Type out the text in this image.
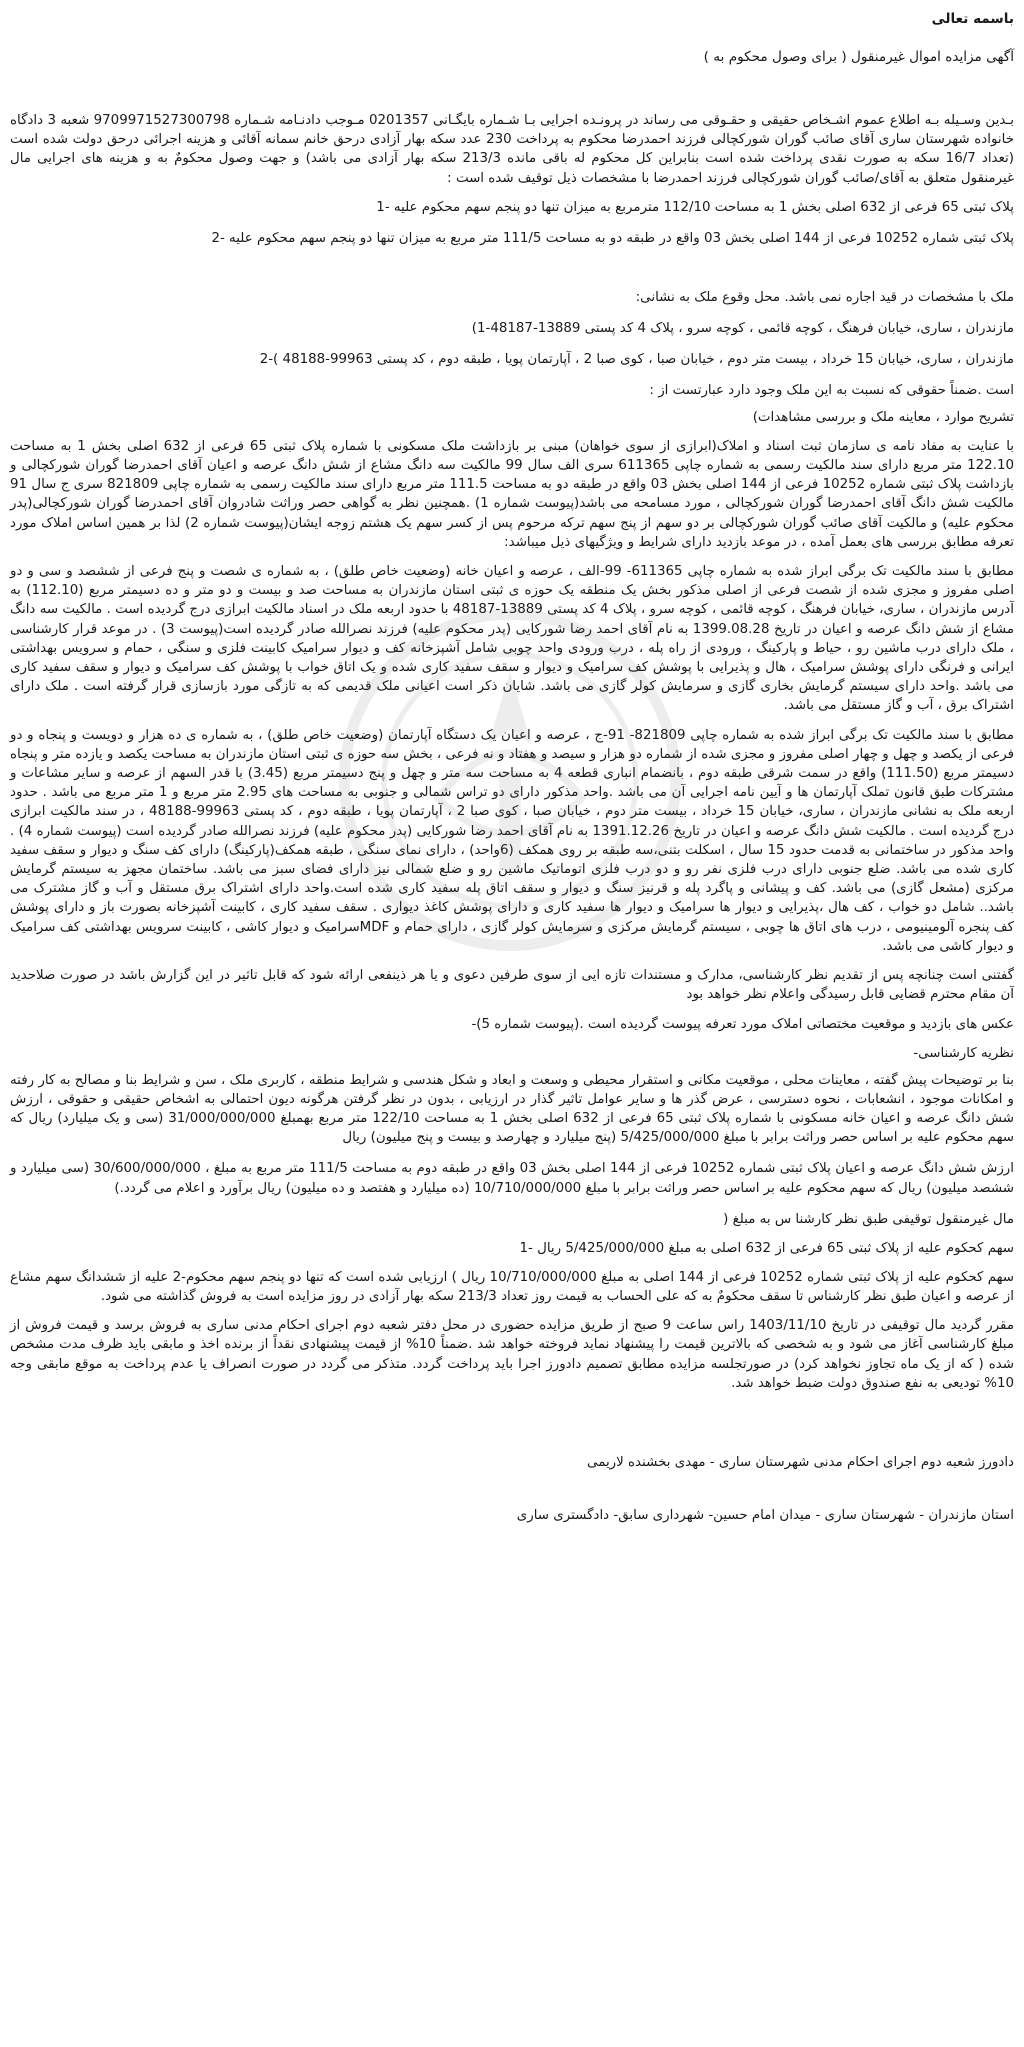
باسمه تعالی

آگهی مزایده اموال غیرمنقول ( برای وصول محکوم به )

بـدین وسـیله بـه اطلاع عموم اشـخاص حقیقی و حقـوقی می رساند در پرونـده اجرایی بـا شـماره بایگـانی 0201357 مـوجب دادنـامه شـماره 9709971527300798 شعبه 3 دادگاه خانواده شهرستان ساری آقای صائب گوران شورکچالی فرزند احمدرضا محکوم به پرداخت 230 عدد سکه بهار آزادی درحق خانم سمانه آقائی و هزینه اجرائی درحق دولت شده است (تعداد 16/7 سکه به صورت نقدی پرداخت شده است بنابراین کل محکوم له باقی مانده 213/3 سکه بهار آزادی می باشد) و جهت وصول محکومٌ به و هزینه های اجرایی مال غیرمنقول متعلق به آقای/صائب گوران شورکچالی فرزند احمدرضا با مشخصات ذیل توقیف شده است :

پلاک ثبتی 65 فرعی از 632 اصلی بخش 1 به مساحت 112/10 مترمربع به میزان تنها دو پنجم سهم محکوم علیه -1

پلاک ثبتی شماره 10252 فرعی از 144 اصلی بخش 03 واقع در طبقه دو به مساحت 111/5 متر مربع به میزان تنها دو پنجم سهم محکوم علیه -2

ملک با مشخصات در قید اجاره نمی باشد. محل وقوع ملک به نشانی:

مازندران ، ساری، خیابان فرهنگ ، کوچه قائمی ، کوچه سرو ، پلاک 4 کد پستی 13889-48187-1)

مازندران ، ساری، خیابان 15 خرداد ، بیست متر دوم ، خیابان صبا ، کوی صبا 2 ، آپارتمان پویا ، طبقه دوم ، کد پستی 99963-48188 )-2

است .ضمناً حقوقی که نسبت به این ملک وجود دارد عبارتست از :

تشریح موارد ، معاینه ملک و بررسی مشاهدات)

با عنایت به مفاد نامه ی سازمان ثبت اسناد و املاک(ابرازی از سوی خواهان) مبنی بر بازداشت ملک مسکونی با شماره پلاک ثبتی 65 فرعی از 632 اصلی بخش 1 به مساحت 122.10 متر مربع دارای سند مالکیت رسمی به شماره چاپی 611365 سری الف سال 99 مالکیت سه دانگ مشاع از شش دانگ عرصه و اعیان آقای احمدرضا گوران شورکچالی و بازداشت پلاک ثبتی شماره 10252 فرعی از 144 اصلی بخش 03 واقع در طبقه دو به مساحت 111.5 متر مربع دارای سند مالکیت رسمی به شماره چاپی 821809 سری ج سال 91 مالکیت شش دانگ آقای احمدرضا گوران شورکچالی ، مورد مسامحه می باشد(پیوست شماره 1) .همچنین نظر به گواهی حصر وراثت شادروان آقای احمدرضا گوران شورکچالی(پدر محکوم علیه) و مالکیت آقای صائب گوران شورکچالی بر دو سهم از پنج سهم ترکه مرحوم پس از کسر سهم یک هشتم زوجه ایشان(پیوست شماره 2) لذا بر همین اساس املاک مورد تعرفه مطابق بررسی های بعمل آمده ، در موعد بازدید دارای شرایط و ویژگیهای ذیل میباشد:

مطابق با سند مالکیت تک برگی ابراز شده به شماره چاپی 611365- 99-الف ، عرصه و اعیان خانه (وضعیت خاص طلق) ، به شماره ی شصت و پنج فرعی از ششصد و سی و دو اصلی مفروز و مجزی شده از شصت فرعی از اصلی مذکور بخش یک منطقه یک حوزه ی ثبتی استان مازندران به مساحت صد و بیست و دو متر و ده دسیمتر مربع (112.10) به آدرس مازندران ، ساری، خیابان فرهنگ ، کوچه قائمی ، کوچه سرو ، پلاک 4 کد پستی 13889-48187 با حدود اربعه ملک در اسناد مالکیت ابرازی درج گردیده است . مالکیت سه دانگ مشاع از شش دانگ عرصه و اعیان در تاریخ 1399.08.28 به نام آقای احمد رضا شورکایی (پدر محکوم علیه) فرزند نصرالله صادر گردیده است(پیوست 3) . در موعد قرار کارشناسی ، ملک دارای درب ماشین رو ، حیاط و پارکینگ ، ورودی از راه پله ، درب ورودی واحد چوبی شامل آشپزخانه کف و دیوار سرامیک کابینت فلزی و سنگی ، حمام و سرویس بهداشتی ایرانی و فرنگی دارای پوشش سرامیک ، هال و پذیرایی با پوشش کف سرامیک و دیوار و سقف سفید کاری شده و یک اتاق خواب با پوشش کف سرامیک و دیوار و سقف سفید کاری می باشد .واحد دارای سیستم گرمایش بخاری گازی و سرمایش کولر گازی می باشد. شایان ذکر است اعیانی ملک قدیمی که به تازگی مورد بازسازی قرار گرفته است . ملک دارای اشتراک برق ، آب و گاز مستقل می باشد.

مطابق با سند مالکیت تک برگی ابراز شده به شماره چاپی 821809- 91-ج ، عرصه و اعیان یک دستگاه آپارتمان (وضعیت خاص طلق) ، به شماره ی ده هزار و دویست و پنجاه و دو فرعی از یکصد و چهل و چهار اصلی مفروز و مجزی شده از شماره دو هزار و سیصد و هفتاد و نه فرعی ، بخش سه حوزه ی ثبتی استان مازندران به مساحت یکصد و یازده متر و پنجاه دسیمتر مربع (111.50) واقع در سمت شرقی طبقه دوم ، بانضمام انباری قطعه 4 به مساحت سه متر و چهل و پنج دسیمتر مربع (3.45) با قدر السهم از عرصه و سایر مشاعات و مشترکات طبق قانون تملک آپارتمان ها و آیین نامه اجرایی آن می باشد .واحد مذکور دارای دو تراس شمالی و جنوبی به مساحت های 2.95 متر مربع و 1 متر مربع می باشد . حدود اربعه ملک به نشانی مازندران ، ساری، خیابان 15 خرداد ، بیست متر دوم ، خیابان صبا ، کوی صبا 2 ، آپارتمان پویا ، طبقه دوم ، کد پستی 99963-48188 ، در سند مالکیت ابرازی درج گردیده است . مالکیت شش دانگ عرصه و اعیان در تاریخ 1391.12.26 به نام آقای احمد رضا شورکایی (پدر محکوم علیه) فرزند نصرالله صادر گردیده است (پیوست شماره 4) . واحد مذکور در ساختمانی به قدمت حدود 15 سال ، اسکلت بتنی،سه طبقه بر روی همکف (6واحد) ، دارای نمای سنگی ، طبقه همکف(پارکینگ) دارای کف سنگ و دیوار و سقف سفید کاری شده می باشد. ضلع جنوبی دارای درب فلزی نفر رو و دو درب فلزی اتوماتیک ماشین رو و ضلع شمالی نیز دارای فضای سبز می باشد. ساختمان مجهز به سیستم گرمایش مرکزی (مشعل گازی) می باشد. کف و پیشانی و پاگرد پله و قرنیز سنگ و دیوار و سقف اتاق پله سفید کاری شده است.واحد دارای اشتراک برق مستقل و آب و گاز مشترک می باشد.. شامل دو خواب ، کف هال ،پذیرایی و دیوار ها سرامیک و دیوار ها سفید کاری و دارای پوشش کاغذ دیواری . سقف سفید کاری ، کابینت آشپزخانه بصورت باز و دارای پوشش کف پنجره آلومینیومی ، درب های اتاق ها چوبی ، سیستم گرمایش مرکزی و سرمایش کولر گازی ، دارای حمام و MDFسرامیک و دیوار کاشی ، کابینت سرویس بهداشتی کف سرامیک و دیوار کاشی می باشد.

گفتنی است چنانچه پس از تقدیم نظر کارشناسی، مدارک و مستندات تازه ایی از سوی طرفین دعوی و یا هر ذینفعی ارائه شود که قابل تاثیر در این گزارش باشد در صورت صلاحدید آن مقام محترم قضایی قابل رسیدگی واعلام نظر خواهد بود

عکس های بازدید و موقعیت مختصاتی املاک مورد تعرفه پیوست گردیده است .(پیوست شماره 5)-

نظریه کارشناسی-

بنا بر توضیحات پیش گفته ، معاینات محلی ، موقعیت مکانی و استقرار محیطی و وسعت و ابعاد و شکل هندسی و شرایط منطقه ، کاربری ملک ، سن و شرایط بنا و مصالح به کار رفته و امکانات موجود ، انشعابات ، نحوه دسترسی ، عرض گذر ها و سایر عوامل تاثیر گذار در ارزیابی ، بدون در نظر گرفتن هرگونه دیون احتمالی به اشخاص حقیقی و حقوقی ، ارزش شش دانگ عرصه و اعیان خانه مسکونی با شماره پلاک ثبتی 65 فرعی از 632 اصلی بخش 1 به مساحت 122/10 متر مربع بهمبلغ 31/000/000/000 (سی و یک میلیارد) ریال که سهم محکوم علیه بر اساس حصر وراثت برابر با مبلغ 5/425/000/000 (پنج میلیارد و چهارصد و بیست و پنج میلیون) ریال

ارزش شش دانگ عرصه و اعیان پلاک ثبتی شماره 10252 فرعی از 144 اصلی بخش 03 واقع در طبقه دوم به مساحت 111/5 متر مربع به مبلغ ، 30/600/000/000 (سی میلیارد و ششصد میلیون) ریال که سهم محکوم علیه بر اساس حصر وراثت برابر با مبلغ 10/710/000/000 (ده میلیارد و هفتصد و ده میلیون) ریال برآورد و اعلام می گردد.)

مال غیرمنقول توقیفی طبق نظر کارشنا س به مبلغ (

سهم کحکوم علیه از پلاک ثبتی 65 فرعی از 632 اصلی به مبلغ 5/425/000/000 ریال -1

سهم کحکوم علیه از پلاک ثبتی شماره 10252 فرعی از 144 اصلی به مبلغ 10/710/000/000 ریال ) ارزیابی شده است که تنها دو پنجم سهم محکوم-2 علیه از ششدانگ سهم مشاع از عرصه و اعیان طبق نظر کارشناس تا سقف محکومٌ به که علی الحساب به قیمت روز تعداد 213/3 سکه بهار آزادی در روز مزایده است به فروش گذاشته می شود.

مقرر گردید مال توقیفی در تاریخ 1403/11/10 راس ساعت 9 صبح از طریق مزایده حضوری در محل دفتر شعبه دوم اجرای احکام مدنی ساری به فروش برسد و قیمت فروش از مبلغ کارشناسی آغاز می شود و به شخصی که بالاترین قیمت را پیشنهاد نماید فروخته خواهد شد .ضمناً 10% از قیمت پیشنهادی نقداً از برنده اخذ و مابقی باید ظرف مدت مشخص شده ( که از یک ماه تجاوز نخواهد کرد) در صورتجلسه مزایده مطابق تصمیم دادورز اجرا باید پرداخت گردد. متذکر می گردد در صورت انصراف یا عدم پرداخت به موقع مابقی وجه 10% تودیعی به نفع صندوق دولت ضبط خواهد شد.

دادورز شعبه دوم اجرای احکام مدنی شهرستان ساری - مهدی بخشنده لاریمی

استان مازندران - شهرستان ساری - میدان امام حسین- شهرداری سابق- دادگستری ساری
